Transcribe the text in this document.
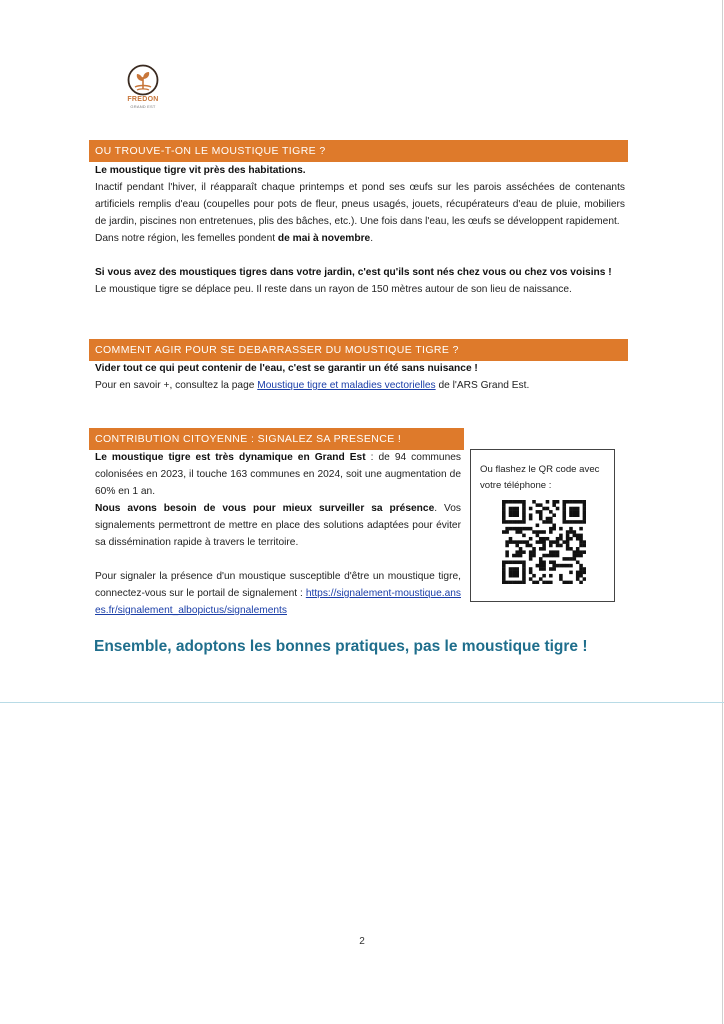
FREDON
GRAND EST
OU TROUVE-T-ON LE MOUSTIQUE TIGRE ?

Le moustique tigre vit près des habitations.

Inactif pendant l'hiver, il réapparaît chaque printemps et pond ses œufs sur les parois asséchées de contenants artificiels remplis d'eau (coupelles pour pots de fleur, pneus usagés, jouets, récupérateurs d'eau de pluie, mobiliers de jardin, piscines non entretenues, plis des bâches, etc.). Une fois dans l'eau, les œufs se développent rapidement.

Dans notre région, les femelles pondent de mai à novembre.

Si vous avez des moustiques tigres dans votre jardin, c'est qu'ils sont nés chez vous ou chez vos voisins !

Le moustique tigre se déplace peu. Il reste dans un rayon de 150 mètres autour de son lieu de naissance.

COMMENT AGIR POUR SE DEBARRASSER DU MOUSTIQUE TIGRE ?

Vider tout ce qui peut contenir de l'eau, c'est se garantir un été sans nuisance !

Pour en savoir +, consultez la page Moustique tigre et maladies vectorielles de l'ARS Grand Est.

CONTRIBUTION CITOYENNE : SIGNALEZ SA PRESENCE !

Le moustique tigre est très dynamique en Grand Est : de 94 communes colonisées en 2023, il touche 163 communes en 2024, soit une augmentation de 60% en 1 an.

Nous avons besoin de vous pour mieux surveiller sa présence. Vos signalements permettront de mettre en place des solutions adaptées pour éviter sa dissémination rapide à travers le territoire.

Pour signaler la présence d'un moustique susceptible d'être un moustique tigre, connectez-vous sur le portail de signalement : https://signalement-moustique.anses.fr/signalement_albopictus/signalements

Ou flashez le QR code avec votre téléphone :
Ensemble, adoptons les bonnes pratiques, pas le moustique tigre !
2
